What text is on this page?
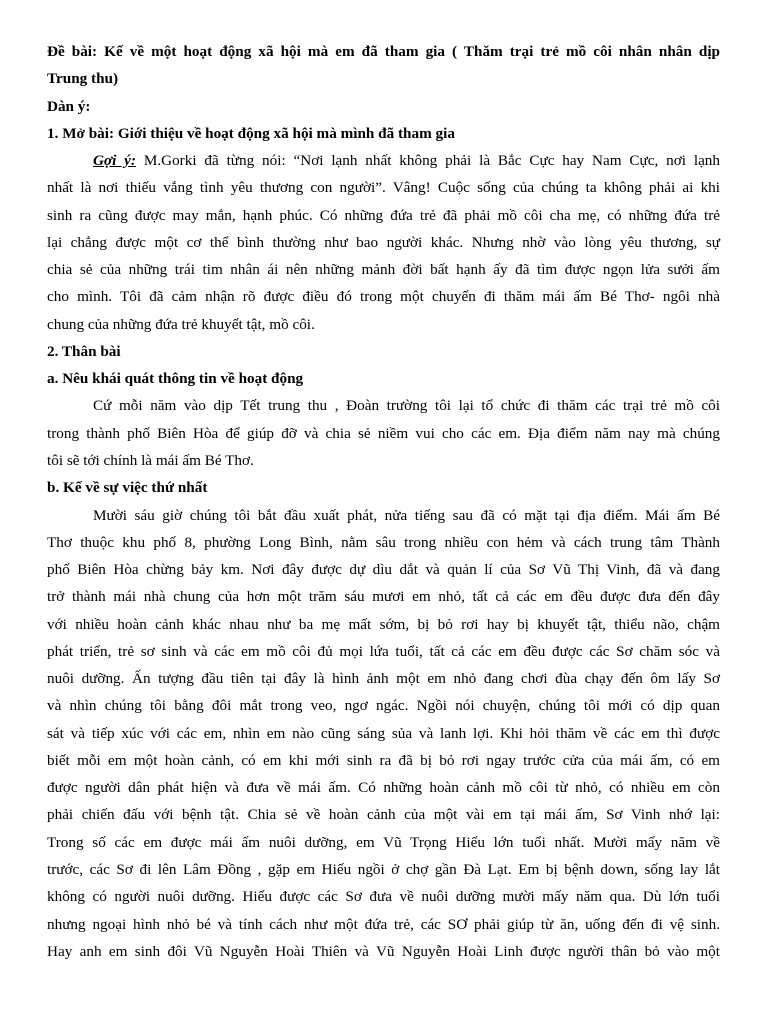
Đề bài: Kế về một hoạt động xã hội mà em đã tham gia ( Thăm trại trẻ mồ côi nhân nhân dịp
Trung thu)
Dàn ý:
1. Mở bài: Giới thiệu về hoạt động xã hội mà mình đã tham gia
Gợi ý: M.Gorki đã từng nói: “Nơi lạnh nhất không phải là Bắc Cực hay Nam Cực, nơi lạnh
nhất là nơi thiếu vắng tình yêu thương con người”. Vâng! Cuộc sống của chúng ta không phải ai khi
sinh ra cũng được may mắn, hạnh phúc. Có những đứa trẻ đã phải mồ côi cha mẹ, có những đứa trẻ
lại chẳng được một cơ thể bình thường như bao người khác. Nhưng nhờ vào lòng yêu thương, sự
chia sẻ của những trái tim nhân ái nên những mảnh đời bất hạnh ấy đã tìm được ngọn lửa sưởi ấm
cho mình. Tôi đã cảm nhận rõ được điều đó trong một chuyến đi thăm mái ấm Bé Thơ- ngôi nhà
chung của những đứa trẻ khuyết tật, mồ côi.
2. Thân bài
a. Nêu khái quát thông tin về hoạt động
Cứ mỗi năm vào dịp Tết trung thu , Đoàn trường tôi lại tổ chức đi thăm các trại trẻ mồ côi
trong thành phố Biên Hòa để giúp đỡ và chia sẻ niềm vui cho các em. Địa điểm năm nay mà chúng
tôi sẽ tới chính là mái ấm Bé Thơ.
b. Kế về sự việc thứ nhất
Mười sáu giờ chúng tôi bắt đầu xuất phát, nửa tiếng sau đã có mặt tại địa điểm. Mái ấm Bé
Thơ thuộc khu phố 8, phường Long Bình, nằm sâu trong nhiều con hẻm và cách trung tâm Thành
phố Biên Hòa chừng bảy km. Nơi đây được dự dìu dắt và quản lí của Sơ Vũ Thị Vinh, đã và đang
trở thành mái nhà chung của hơn một trăm sáu mươi em nhỏ, tất cả các em đều được đưa đến đây
với nhiều hoàn cảnh khác nhau như ba mẹ mất sớm, bị bỏ rơi hay bị khuyết tật, thiểu não, chậm
phát triển, trẻ sơ sinh và các em mồ côi đủ mọi lứa tuổi, tất cả các em đều được các Sơ chăm sóc và
nuôi dưỡng. Ấn tượng đầu tiên tại đây là hình ảnh một em nhỏ đang chơi đùa chạy đến ôm lấy Sơ
và nhìn chúng tôi bằng đôi mắt trong veo, ngơ ngác. Ngồi nói chuyện, chúng tôi mới có dịp quan
sát và tiếp xúc với các em, nhìn em nào cũng sáng sủa và lanh lợi. Khi hỏi thăm về các em thì được
biết mỗi em một hoàn cảnh, có em khi mới sinh ra đã bị bỏ rơi ngay trước cửa của mái ấm, có em
được người dân phát hiện và đưa về mái ấm. Có những hoàn cảnh mồ côi từ nhỏ, có nhiều em còn
phải chiến đấu với bệnh tật. Chia sẻ về hoàn cảnh của một vài em tại mái ấm, Sơ Vinh nhớ lại:
Trong số các em được mái ấm nuôi dưỡng, em Vũ Trọng Hiếu lớn tuổi nhất. Mười mấy năm về
trước, các Sơ đi lên Lâm Đồng , gặp em Hiếu ngồi ở chợ gần Đà Lạt. Em bị bệnh down, sống lay lắt
không có người nuôi dưỡng. Hiếu được các Sơ đưa về nuôi dưỡng mười mấy năm qua. Dù lớn tuổi
nhưng ngoại hình nhỏ bé và tính cách như một đứa trẻ, các SƠ phải giúp từ ăn, uống đến đi vệ sinh.
Hay anh em sinh đôi Vũ Nguyễn Hoài Thiên và Vũ Nguyễn Hoài Linh được người thân bỏ vào một
